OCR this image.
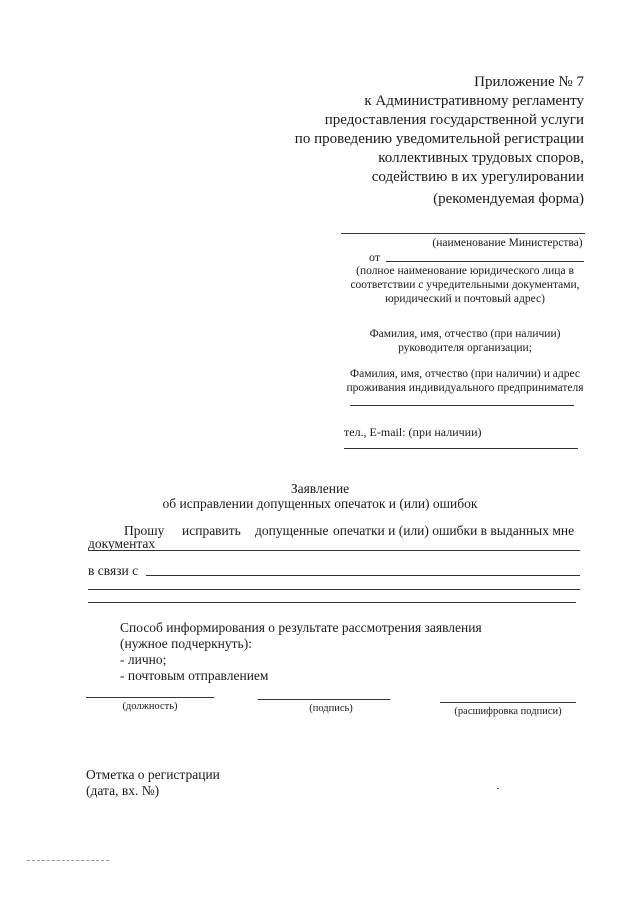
Приложение № 7
к Административному регламенту
предоставления государственной услуги
по проведению уведомительной регистрации
коллективных трудовых споров,
содействию в их урегулировании
(рекомендуемая форма)
(наименование Министерства)
от
(полное наименование юридического лица в
соответствии с учредительными документами,
юридический и почтовый адрес)
Фамилия, имя, отчество (при наличии)
руководителя организации;
Фамилия, имя, отчество (при наличии) и адрес
проживания индивидуального предпринимателя
тел., E-mail: (при наличии)
Заявление
об исправлении допущенных опечаток и (или) ошибок
Прошу исправить допущенные опечатки и (или) ошибки в выданных мне
документах
в связи с
Способ информирования о результате рассмотрения заявления
(нужное подчеркнуть):
- лично;
- почтовым отправлением
(должность)	(подпись)	(расшифровка подписи)
Отметка о регистрации
(дата, вх. №)
